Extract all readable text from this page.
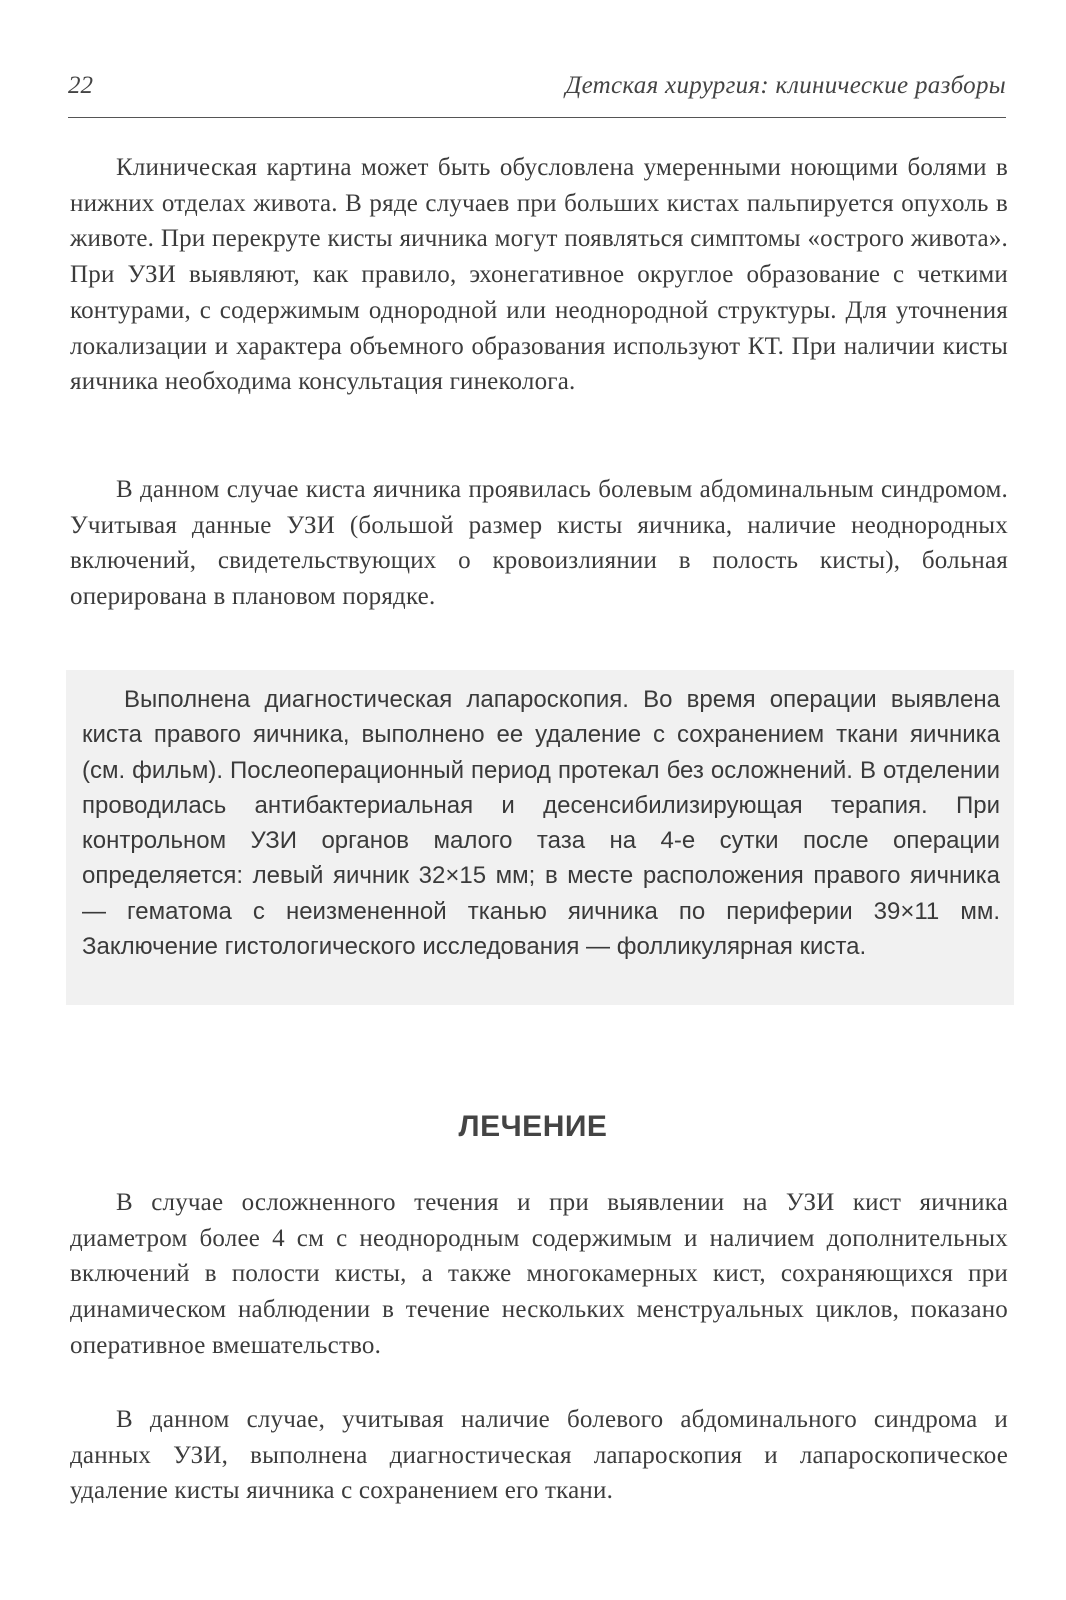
22	Детская хирургия: клинические разборы

Клиническая картина может быть обусловлена умеренными ноющими болями в нижних отделах живота. В ряде случаев при больших кистах пальпируется опухоль в животе. При перекруте кисты яичника могут появляться симптомы «острого живота». При УЗИ выявляют, как правило, эхонегативное округлое образование с четкими контурами, с содержимым однородной или неоднородной структуры. Для уточнения локализации и характера объемного образования используют КТ. При наличии кисты яичника необходима консультация гинеколога.

В данном случае киста яичника проявилась болевым абдоминальным синдромом. Учитывая данные УЗИ (большой размер кисты яичника, наличие неоднородных включений, свидетельствующих о кровоизлиянии в полость кисты), больная оперирована в плановом порядке.

Выполнена диагностическая лапароскопия. Во время операции выявлена киста правого яичника, выполнено ее удаление с сохранением ткани яичника (см. фильм). Послеоперационный период протекал без осложнений. В отделении проводилась антибактериальная и десенсибилизирующая терапия. При контрольном УЗИ органов малого таза на 4-е сутки после операции определяется: левый яичник 32×15 мм; в месте расположения правого яичника — гематома с неизмененной тканью яичника по периферии 39×11 мм. Заключение гистологического исследования — фолликулярная киста.

ЛЕЧЕНИЕ

В случае осложненного течения и при выявлении на УЗИ кист яичника диаметром более 4 см с неоднородным содержимым и наличием дополнительных включений в полости кисты, а также многокамерных кист, сохраняющихся при динамическом наблюдении в течение нескольких менструальных циклов, показано оперативное вмешательство.

В данном случае, учитывая наличие болевого абдоминального синдрома и данных УЗИ, выполнена диагностическая лапароскопия и лапароскопическое удаление кисты яичника с сохранением его ткани.
